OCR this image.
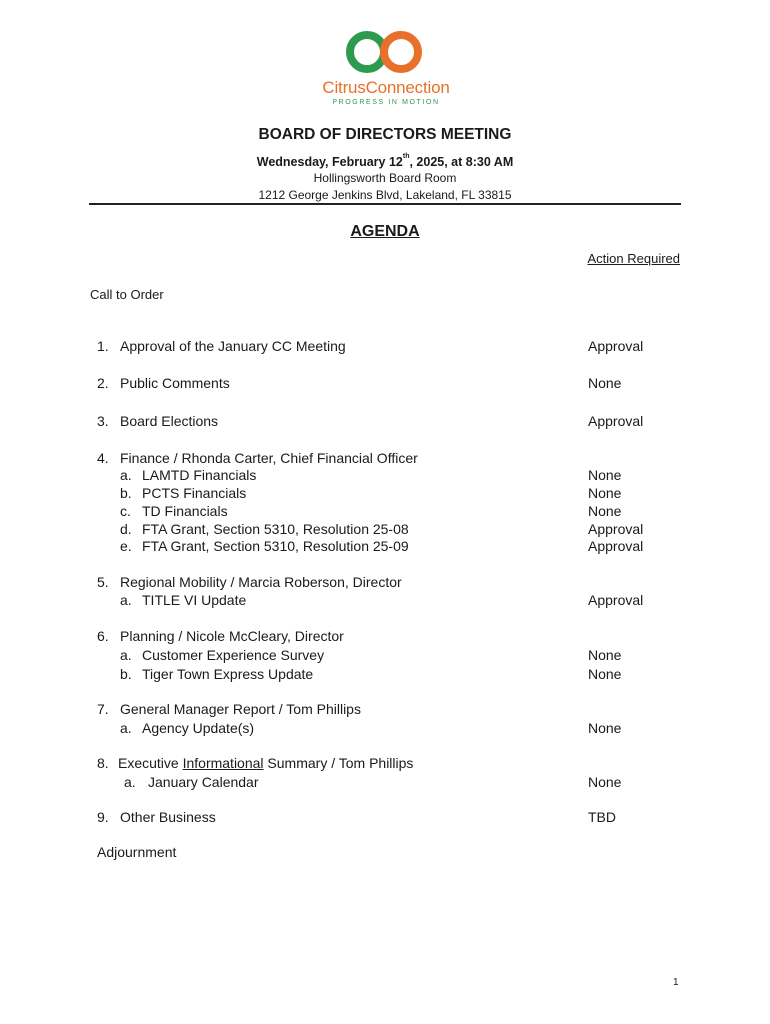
CitrusConnection
PROGRESS IN MOTION
BOARD OF DIRECTORS MEETING
Wednesday, February 12th, 2025, at 8:30 AM
Hollingsworth Board Room
1212 George Jenkins Blvd, Lakeland, FL 33815
AGENDA
Action Required
Call to Order
1. Approval of the January CC Meeting	Approval
2. Public Comments	None
3. Board Elections	Approval
4. Finance / Rhonda Carter, Chief Financial Officer
a. LAMTD Financials	None
b. PCTS Financials	None
c. TD Financials	None
d. FTA Grant, Section 5310, Resolution 25-08	Approval
e. FTA Grant, Section 5310, Resolution 25-09	Approval
5. Regional Mobility / Marcia Roberson, Director
a. TITLE VI Update	Approval
6. Planning / Nicole McCleary, Director
a. Customer Experience Survey	None
b. Tiger Town Express Update	None
7. General Manager Report / Tom Phillips
a. Agency Update(s)	None
8. Executive Informational Summary / Tom Phillips
a. January Calendar	None
9. Other Business	TBD
Adjournment
1
